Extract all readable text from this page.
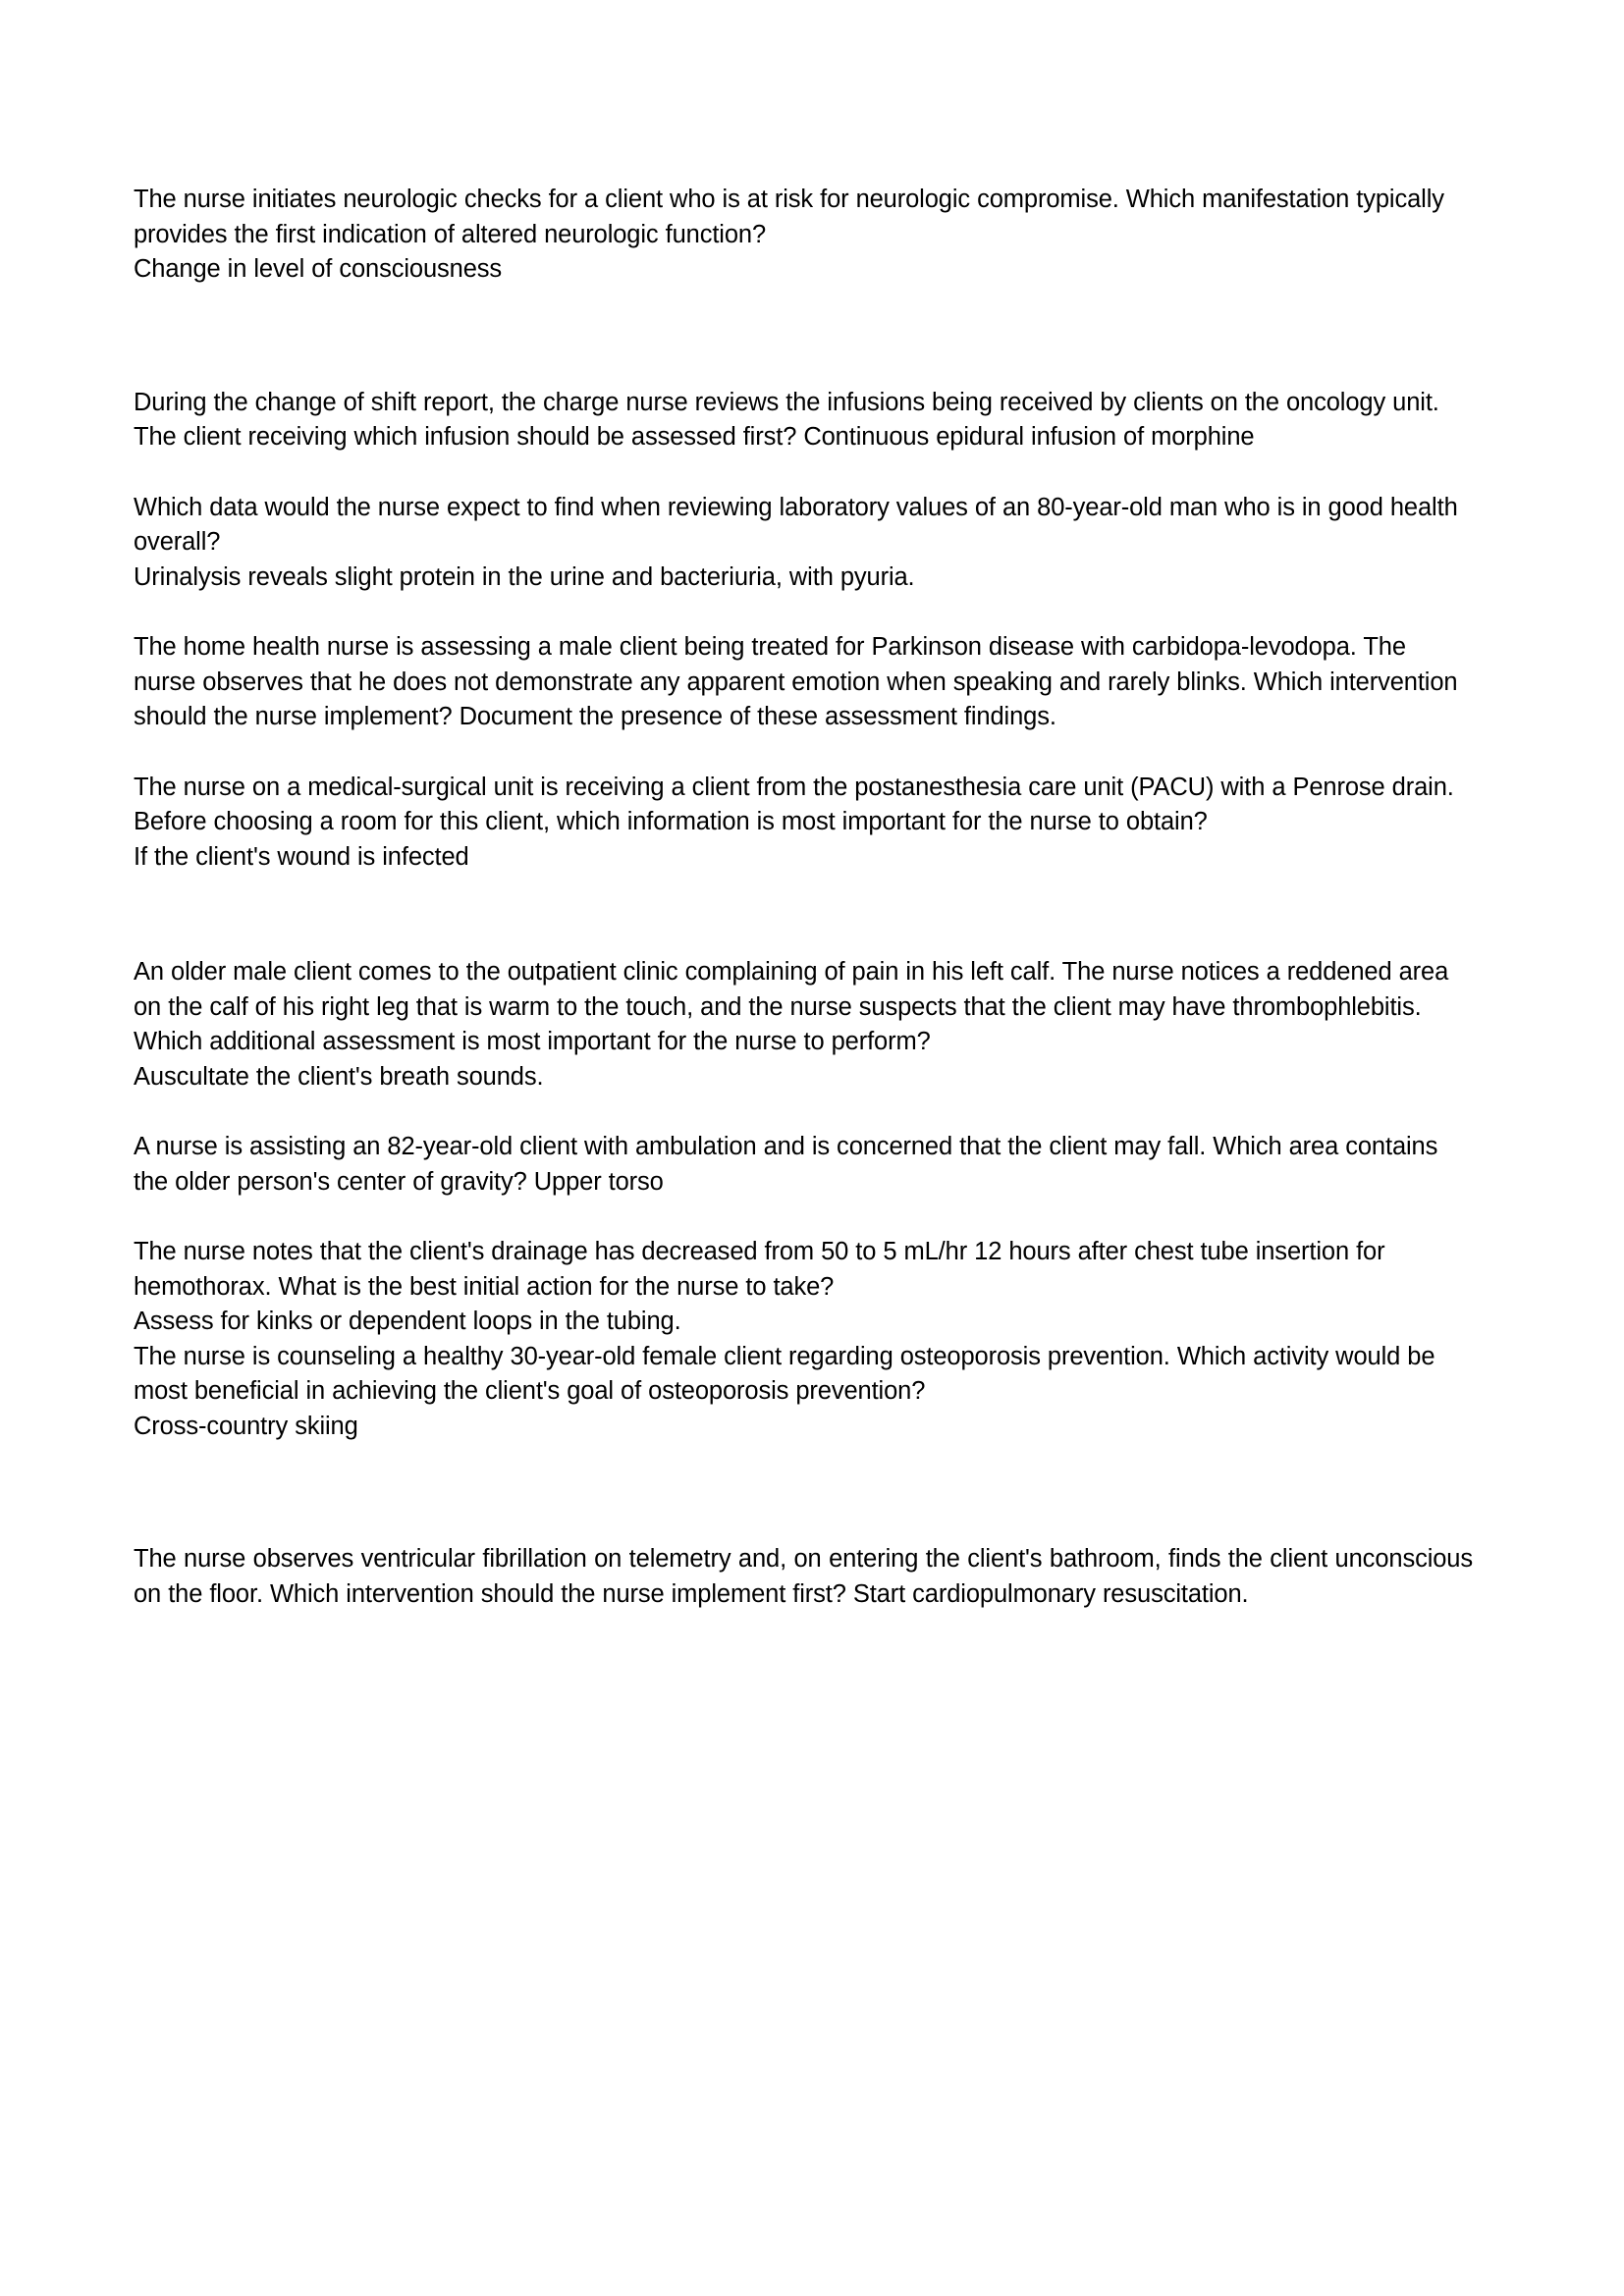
The nurse initiates neurologic checks for a client who is at risk for neurologic compromise. Which manifestation typically provides the first indication of altered neurologic function?

Change in level of consciousness

During the change of shift report, the charge nurse reviews the infusions being received by clients on the oncology unit. The client receiving which infusion should be assessed first? Continuous epidural infusion of morphine

Which data would the nurse expect to find when reviewing laboratory values of an 80-year-old man who is in good health overall?

Urinalysis reveals slight protein in the urine and bacteriuria, with pyuria.

The home health nurse is assessing a male client being treated for Parkinson disease with carbidopa-levodopa. The nurse observes that he does not demonstrate any apparent emotion when speaking and rarely blinks. Which intervention should the nurse implement? Document the presence of these assessment findings.

The nurse on a medical-surgical unit is receiving a client from the postanesthesia care unit (PACU) with a Penrose drain. Before choosing a room for this client, which information is most important for the nurse to obtain?

If the client's wound is infected

An older male client comes to the outpatient clinic complaining of pain in his left calf. The nurse notices a reddened area on the calf of his right leg that is warm to the touch, and the nurse suspects that the client may have thrombophlebitis. Which additional assessment is most important for the nurse to perform?

Auscultate the client's breath sounds.

A nurse is assisting an 82-year-old client with ambulation and is concerned that the client may fall. Which area contains the older person's center of gravity? Upper torso

The nurse notes that the client's drainage has decreased from 50 to 5 mL/hr 12 hours after chest tube insertion for hemothorax. What is the best initial action for the nurse to take?

Assess for kinks or dependent loops in the tubing.

The nurse is counseling a healthy 30-year-old female client regarding osteoporosis prevention. Which activity would be most beneficial in achieving the client's goal of osteoporosis prevention?

Cross-country skiing

The nurse observes ventricular fibrillation on telemetry and, on entering the client's bathroom, finds the client unconscious on the floor. Which intervention should the nurse implement first? Start cardiopulmonary resuscitation.
